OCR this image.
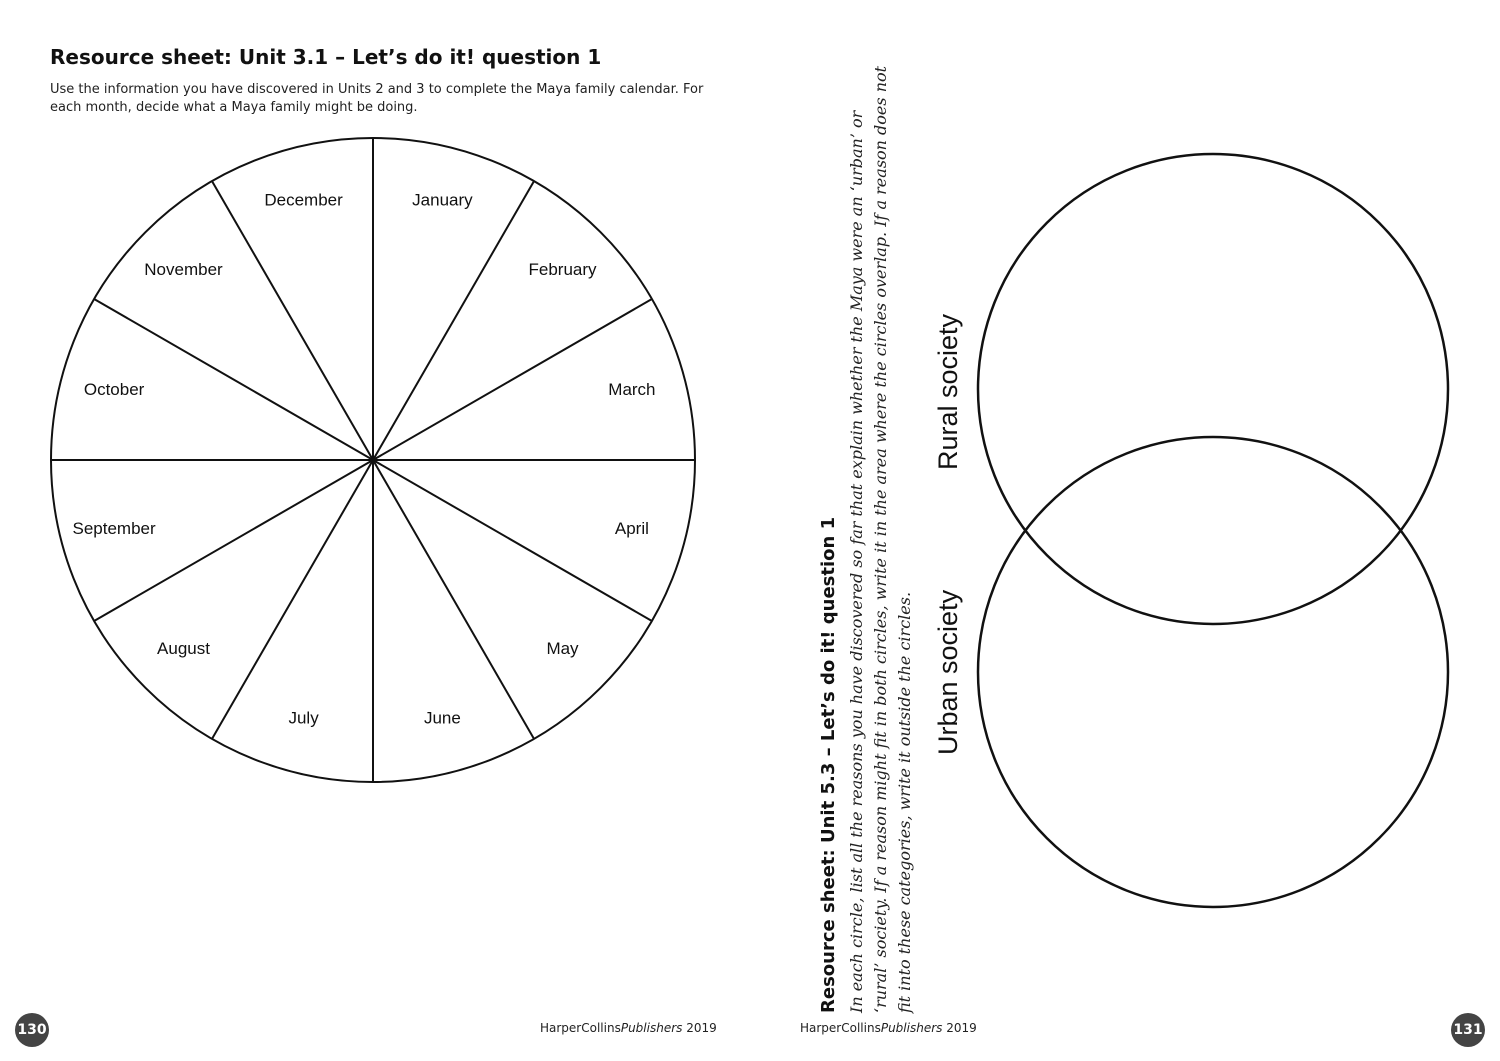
Resource sheet: Unit 3.1 – Let’s do it! question 1

Use the information you have discovered in Units 2 and 3 to complete the Maya family calendar. For each month, decide what a Maya family might be doing.

January
February
March
April
May
June
July
August
September
October
November
December
Resource sheet: Unit 5.3 – Let’s do it! question 1 In each circle, list all the reasons you have discovered so far that explain whether the Maya were an ‘urban’ or ‘rural’ society. If a reason might fit in both circles, write it in the area where the circles overlap. If a reason does not fit into these categories, write it outside the circles.

Rural society
Urban society
130	HarperCollinsPublishers 2019	HarperCollinsPublishers 2019	131
